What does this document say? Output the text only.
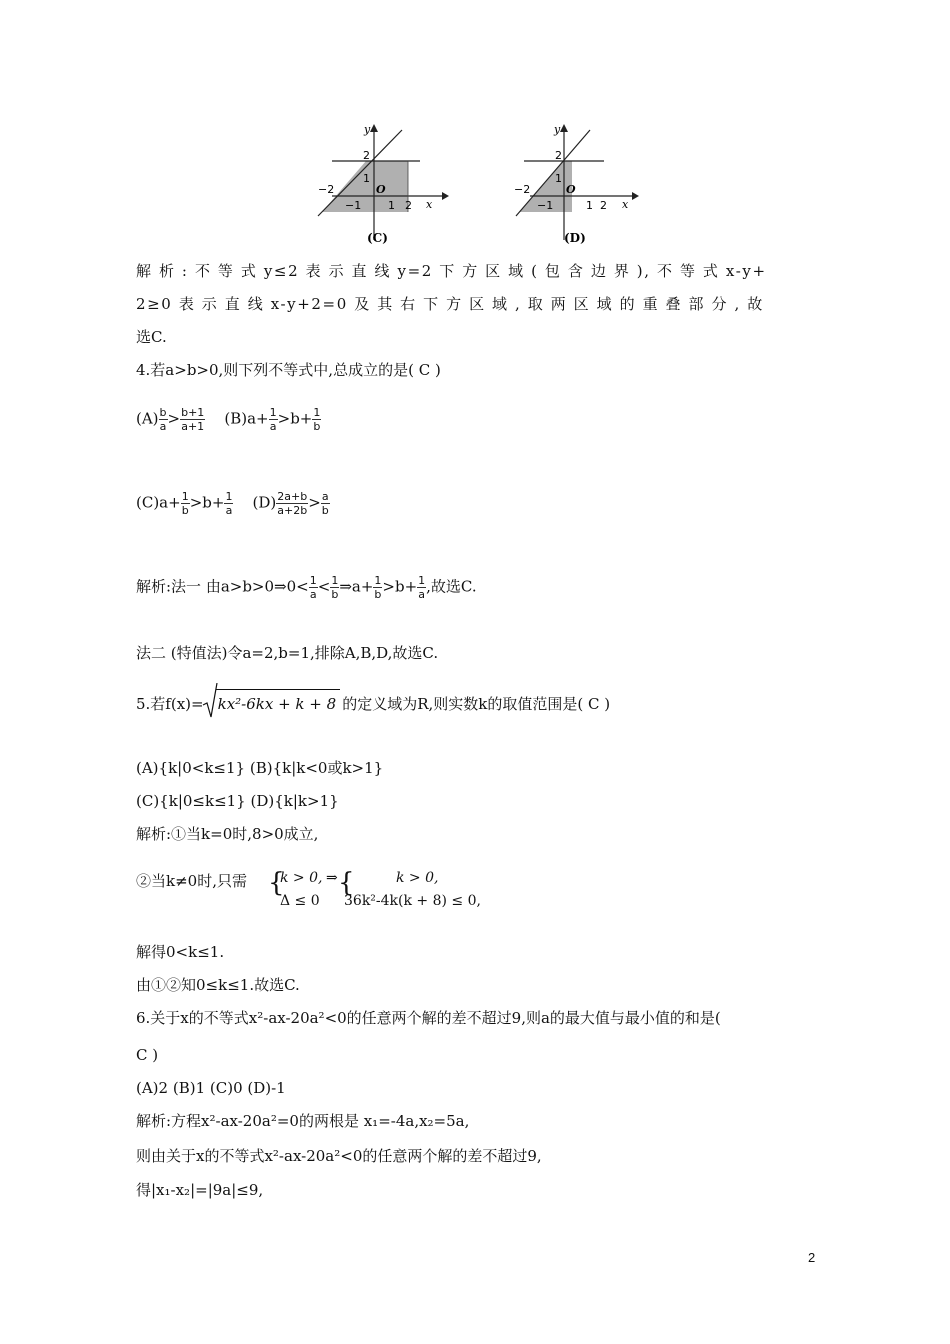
y
x
2
1
O
−2
−1 1 2
(C)
y
x
2
1
O
−2
−1	1 2
(D)
解 析 : 不 等 式 y≤2 表 示 直 线 y=2 下 方 区 域 ( 包 含 边 界 ), 不 等 式 x-y+
2≥0 表 示 直 线 x-y+2=0 及 其 右 下 方 区 域 , 取 两 区 域 的 重 叠 部 分 , 故
选C.
4.若a>b>0,则下列不等式中,总成立的是( C )
$(A) \frac{b}{a} > \frac{b+1}{a+1} (B)a+ \frac{1}{a} >b+ \frac{1}{b}$
$(C)a+ \frac{1}{b} >b+ \frac{1}{a} (D) \frac{2a+b}{a+2b} > \frac{a}{b}$
解析:法一 由a>b>0⇒0< $\frac{1}{a} < \frac{1}{b}$ ⇒a+ $\frac{1}{b} >b+ \frac{1}{a}$ ,故选C.
法二 (特值法)令a=2,b=1,排除A,B,D,故选C.
5.若f(x)= kx²-6kx + k + 8 的定义域为R,则实数k的取值范围是( C )
(A){k|0<k≤1} (B){k|k<0或k>1}
(C){k|0≤k≤1} (D){k|k>1}
解析:①当k=0时,8>0成立,
②当k≠0时,只需 {
k > 0, ⇒
Δ ≤ 0
{	k > 0,
36k²-4k(k + 8) ≤ 0,
解得0<k≤1.
由①②知0≤k≤1.故选C.
6.关于x的不等式x²-ax-20a²<0的任意两个解的差不超过9,则a的最大值与最小值的和是(
C )
(A)2 (B)1 (C)0 (D)-1
解析:方程x²-ax-20a²=0的两根是 x₁=-4a,x₂=5a,
则由关于x的不等式x²-ax-20a²<0的任意两个解的差不超过9,
得|x₁-x₂|=|9a|≤9,
2
